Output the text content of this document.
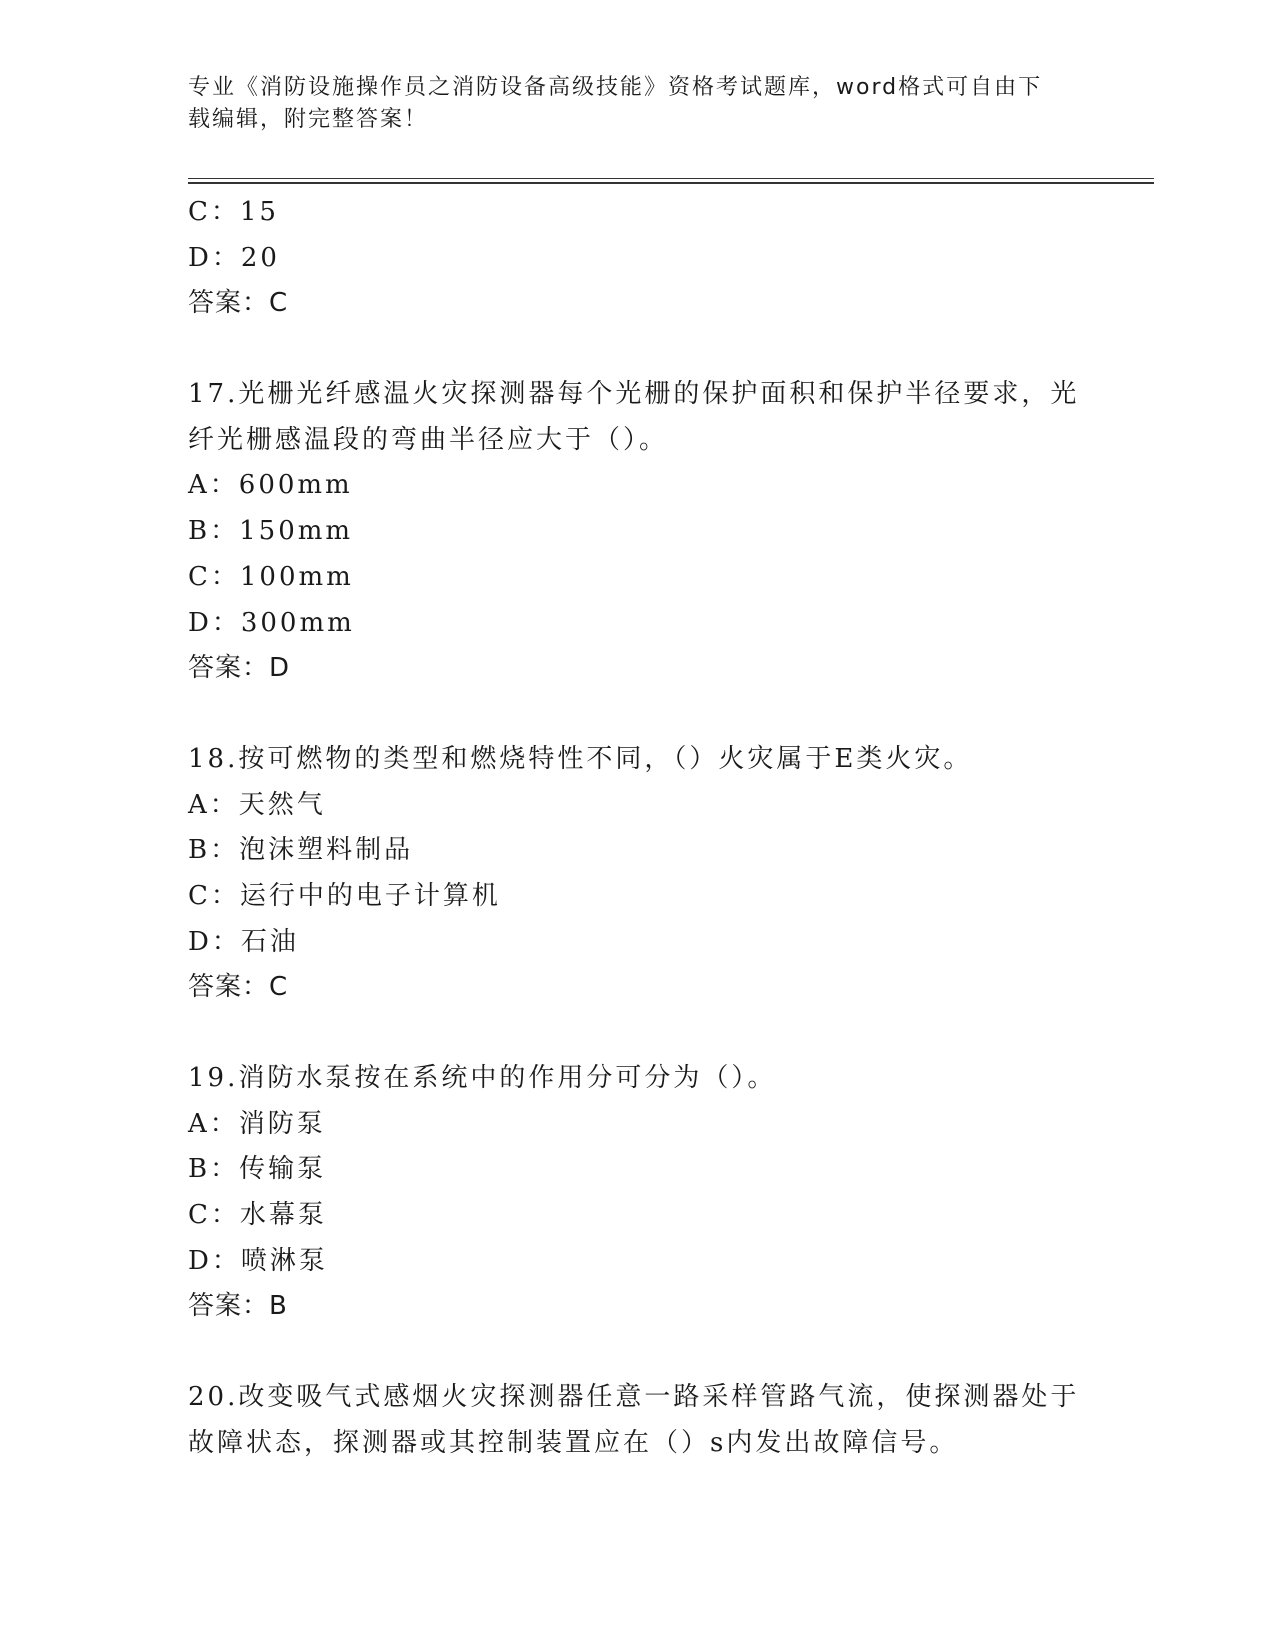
专业《消防设施操作员之消防设备高级技能》资格考试题库，word格式可自由下
载编辑，附完整答案！
C：15
D：20
答案：C
17.光栅光纤感温火灾探测器每个光栅的保护面积和保护半径要求，光
纤光栅感温段的弯曲半径应大于（）。
A：600mm
B：150mm
C：100mm
D：300mm
答案：D
18.按可燃物的类型和燃烧特性不同，（）火灾属于E类火灾。
A：天然气
B：泡沫塑料制品
C：运行中的电子计算机
D：石油
答案：C
19.消防水泵按在系统中的作用分可分为（）。
A：消防泵
B：传输泵
C：水幕泵
D：喷淋泵
答案：B
20.改变吸气式感烟火灾探测器任意一路采样管路气流，使探测器处于
故障状态，探测器或其控制装置应在（）s内发出故障信号。
